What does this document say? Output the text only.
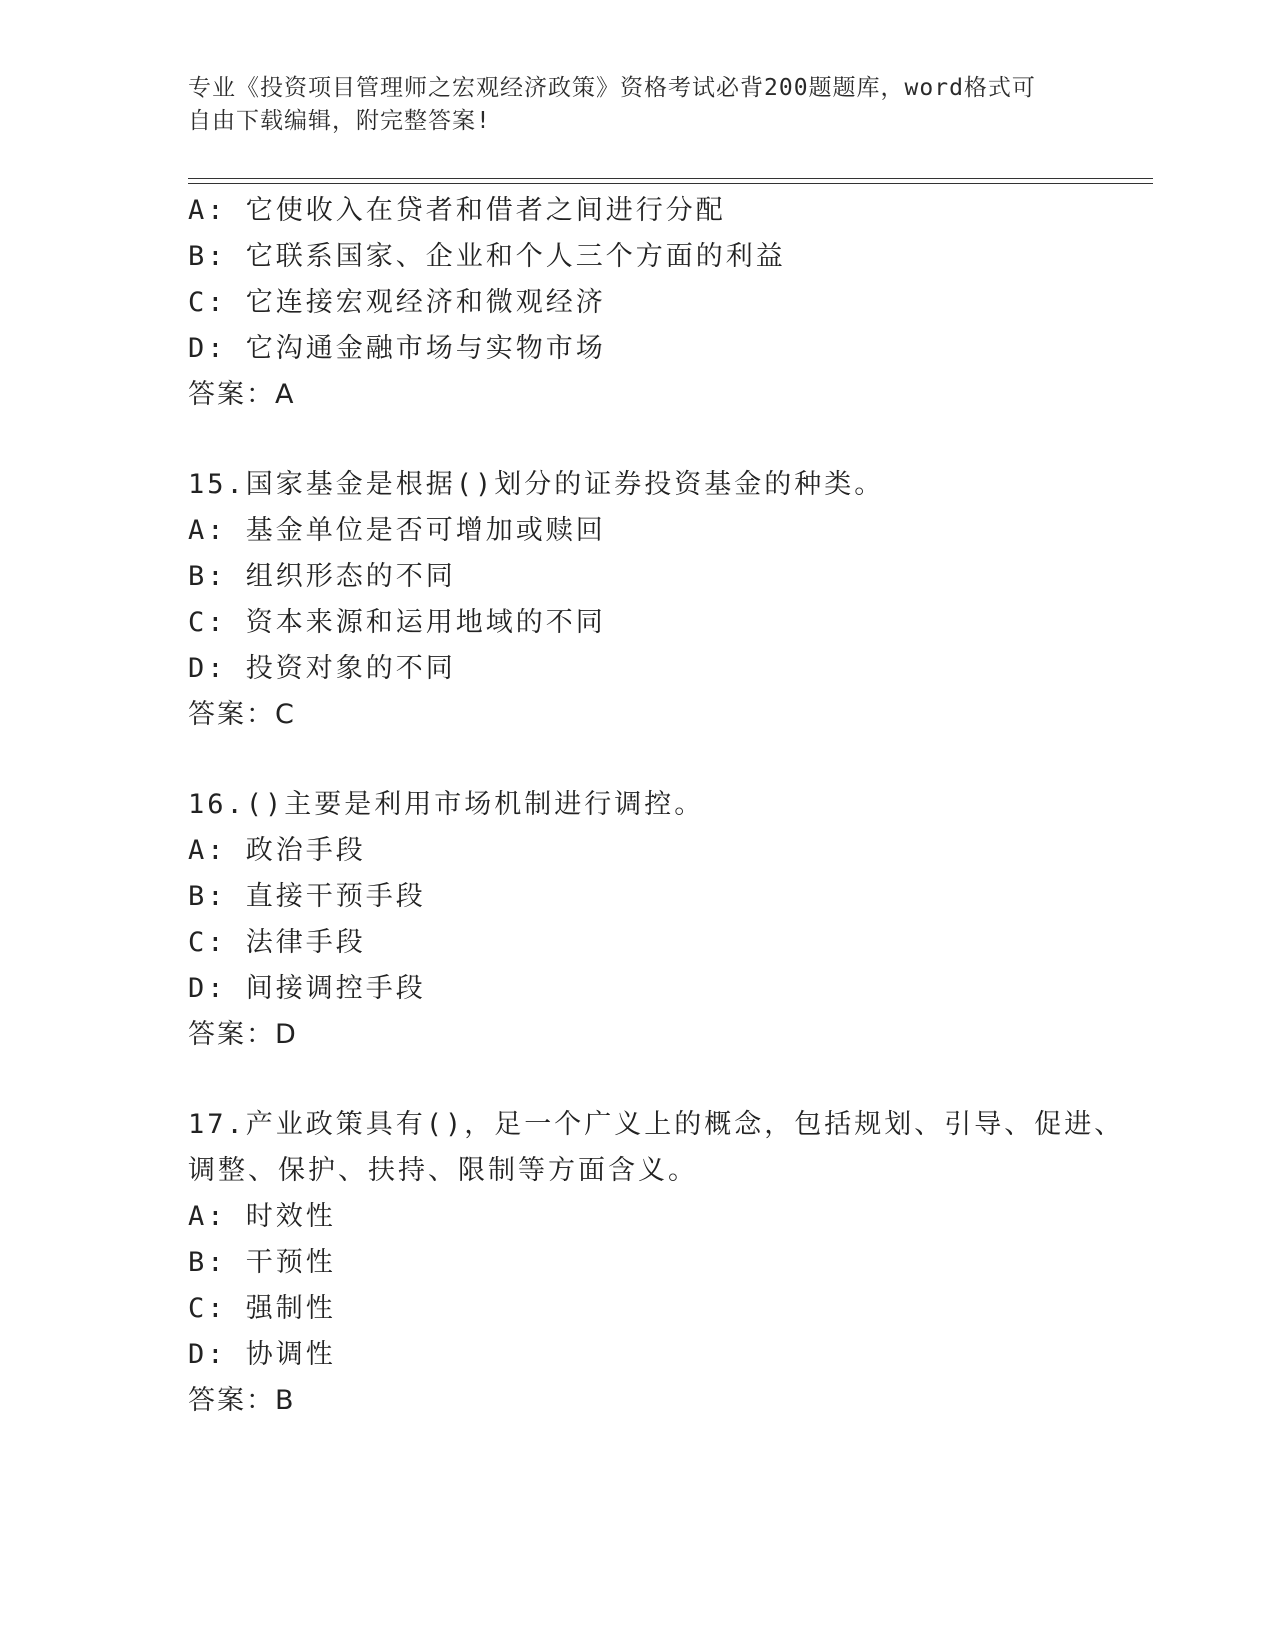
专业《投资项目管理师之宏观经济政策》资格考试必背200题题库，word格式可
自由下载编辑，附完整答案!
A: 它使收入在贷者和借者之间进行分配
B: 它联系国家、企业和个人三个方面的利益
C: 它连接宏观经济和微观经济
D: 它沟通金融市场与实物市场
答案：A
15.国家基金是根据()划分的证券投资基金的种类。
A: 基金单位是否可增加或赎回
B: 组织形态的不同
C: 资本来源和运用地域的不同
D: 投资对象的不同
答案：C
16.()主要是利用市场机制进行调控。
A: 政治手段
B: 直接干预手段
C: 法律手段
D: 间接调控手段
答案：D
17.产业政策具有()，足一个广义上的概念，包括规划、引导、促进、
调整、保护、扶持、限制等方面含义。
A: 时效性
B: 干预性
C: 强制性
D: 协调性
答案：B
